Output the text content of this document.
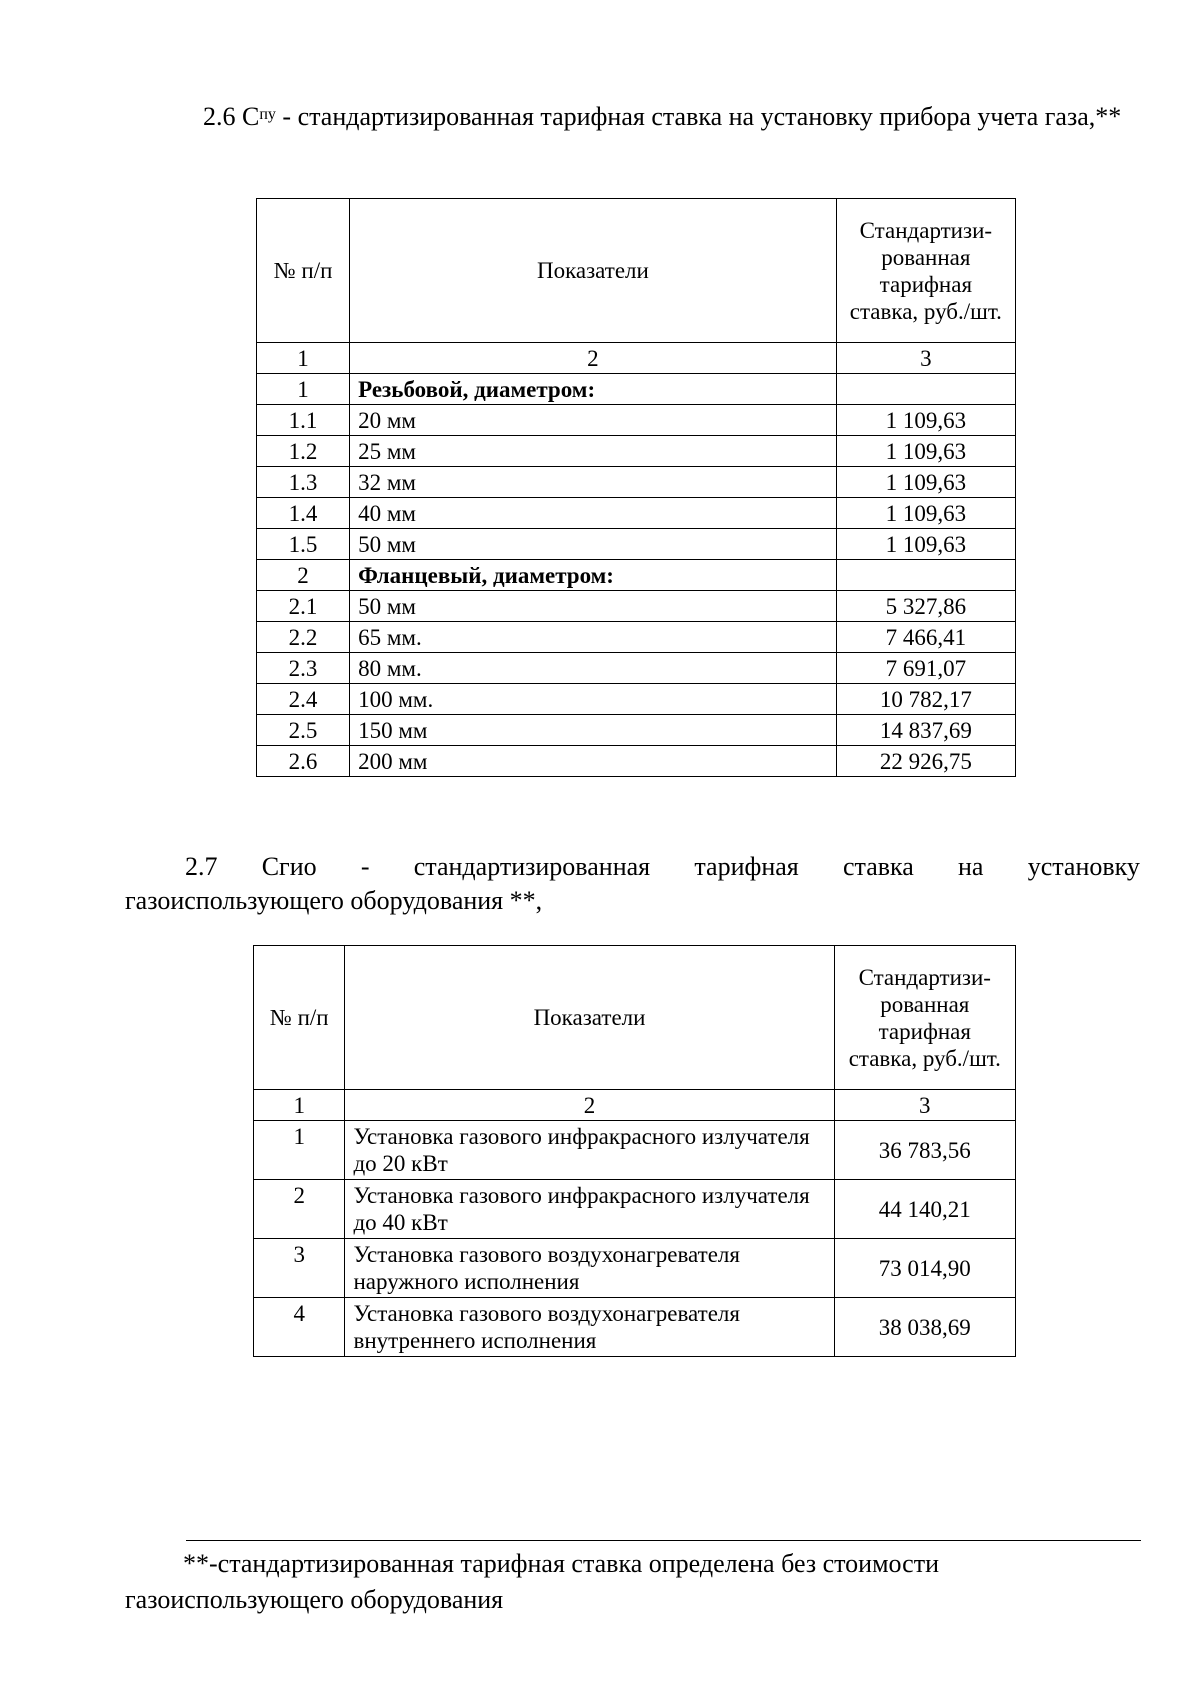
2.6 $C^{пу}$ - стандартизированная тарифная ставка на установку прибора учета газа,**
№ п/п	Показатели	Стандартизи-рованная тарифная ставка, руб./шт.
1	2	3
1	Резьбовой, диаметром:	
1.1	20 мм	1 109,63
1.2	25 мм	1 109,63
1.3	32 мм	1 109,63
1.4	40 мм	1 109,63
1.5	50 мм	1 109,63
2	Фланцевый, диаметром:	
2.1	50 мм	5 327,86
2.2	65 мм.	7 466,41
2.3	80 мм.	7 691,07
2.4	100 мм.	10 782,17
2.5	150 мм	14 837,69
2.6	200 мм	22 926,75
2.7 Сгио - стандартизированная тарифная ставка на установку
газоиспользующего оборудования **,
№ п/п	Показатели	Стандартизи-рованная тарифная ставка, руб./шт.
1	2	3
1	Установка газового инфракрасного излучателя до 20 кВт	36 783,56
2	Установка газового инфракрасного излучателя до 40 кВт	44 140,21
3	Установка газового воздухонагревателя наружного исполнения	73 014,90
4	Установка газового воздухонагревателя внутреннего исполнения	38 038,69
**-стандартизированная тарифная ставка определена без стоимости газоиспользующего оборудования
